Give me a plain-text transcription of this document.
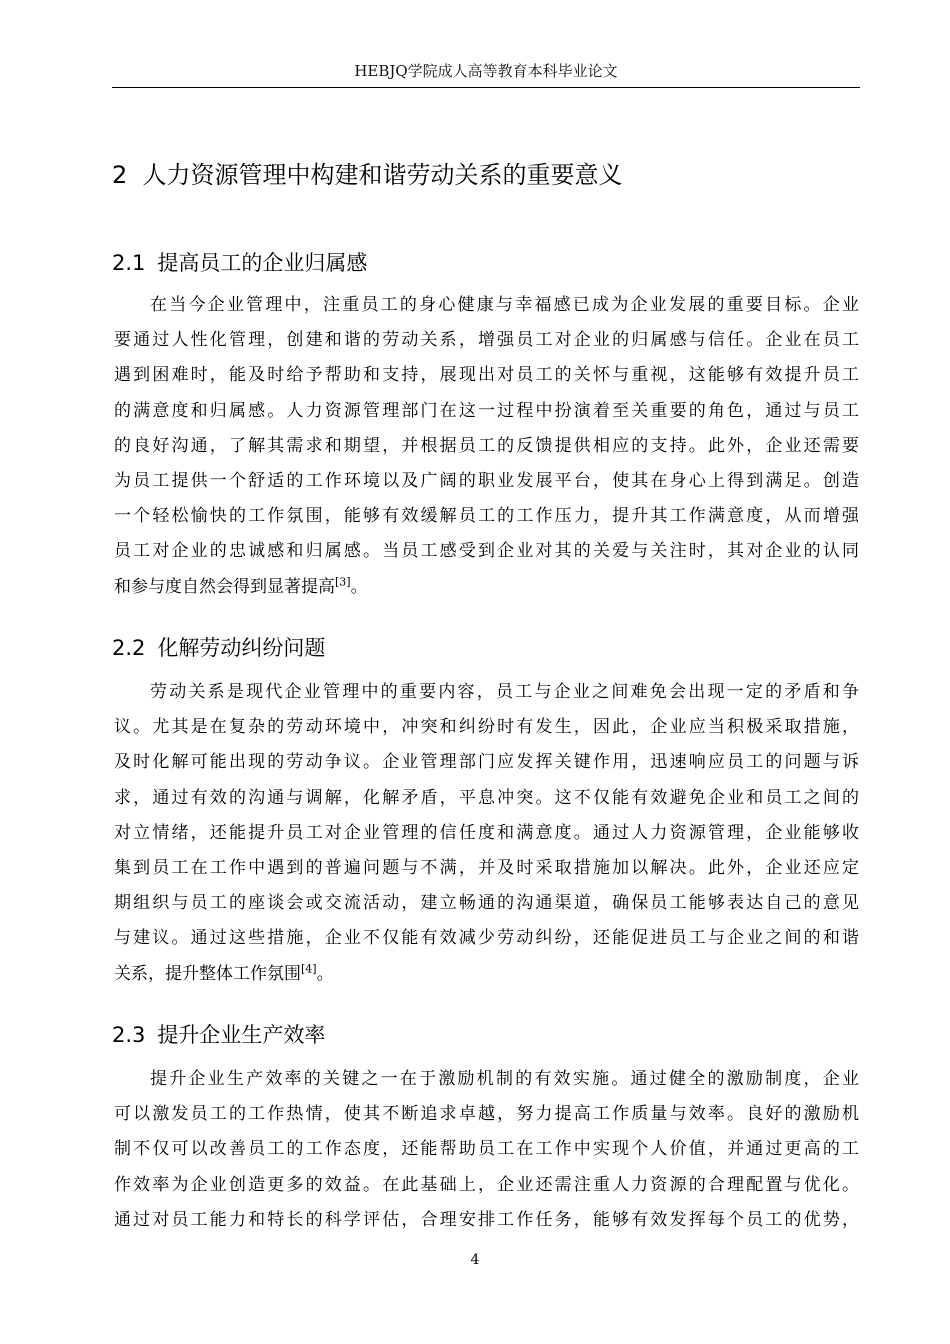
HEBJQ学院成人高等教育本科毕业论文
2 人力资源管理中构建和谐劳动关系的重要意义
2.1 提高员工的企业归属感
在当今企业管理中，注重员工的身心健康与幸福感已成为企业发展的重要目标。企业
要通过人性化管理，创建和谐的劳动关系，增强员工对企业的归属感与信任。企业在员工
遇到困难时，能及时给予帮助和支持，展现出对员工的关怀与重视，这能够有效提升员工
的满意度和归属感。人力资源管理部门在这一过程中扮演着至关重要的角色，通过与员工
的良好沟通，了解其需求和期望，并根据员工的反馈提供相应的支持。此外，企业还需要
为员工提供一个舒适的工作环境以及广阔的职业发展平台，使其在身心上得到满足。创造
一个轻松愉快的工作氛围，能够有效缓解员工的工作压力，提升其工作满意度，从而增强
员工对企业的忠诚感和归属感。当员工感受到企业对其的关爱与关注时，其对企业的认同
和参与度自然会得到显著提高[3]。
2.2 化解劳动纠纷问题
劳动关系是现代企业管理中的重要内容，员工与企业之间难免会出现一定的矛盾和争
议。尤其是在复杂的劳动环境中，冲突和纠纷时有发生，因此，企业应当积极采取措施，
及时化解可能出现的劳动争议。企业管理部门应发挥关键作用，迅速响应员工的问题与诉
求，通过有效的沟通与调解，化解矛盾，平息冲突。这不仅能有效避免企业和员工之间的
对立情绪，还能提升员工对企业管理的信任度和满意度。通过人力资源管理，企业能够收
集到员工在工作中遇到的普遍问题与不满，并及时采取措施加以解决。此外，企业还应定
期组织与员工的座谈会或交流活动，建立畅通的沟通渠道，确保员工能够表达自己的意见
与建议。通过这些措施，企业不仅能有效减少劳动纠纷，还能促进员工与企业之间的和谐
关系，提升整体工作氛围[4]。
2.3 提升企业生产效率
提升企业生产效率的关键之一在于激励机制的有效实施。通过健全的激励制度，企业
可以激发员工的工作热情，使其不断追求卓越，努力提高工作质量与效率。良好的激励机
制不仅可以改善员工的工作态度，还能帮助员工在工作中实现个人价值，并通过更高的工
作效率为企业创造更多的效益。在此基础上，企业还需注重人力资源的合理配置与优化。
通过对员工能力和特长的科学评估，合理安排工作任务，能够有效发挥每个员工的优势，
4
